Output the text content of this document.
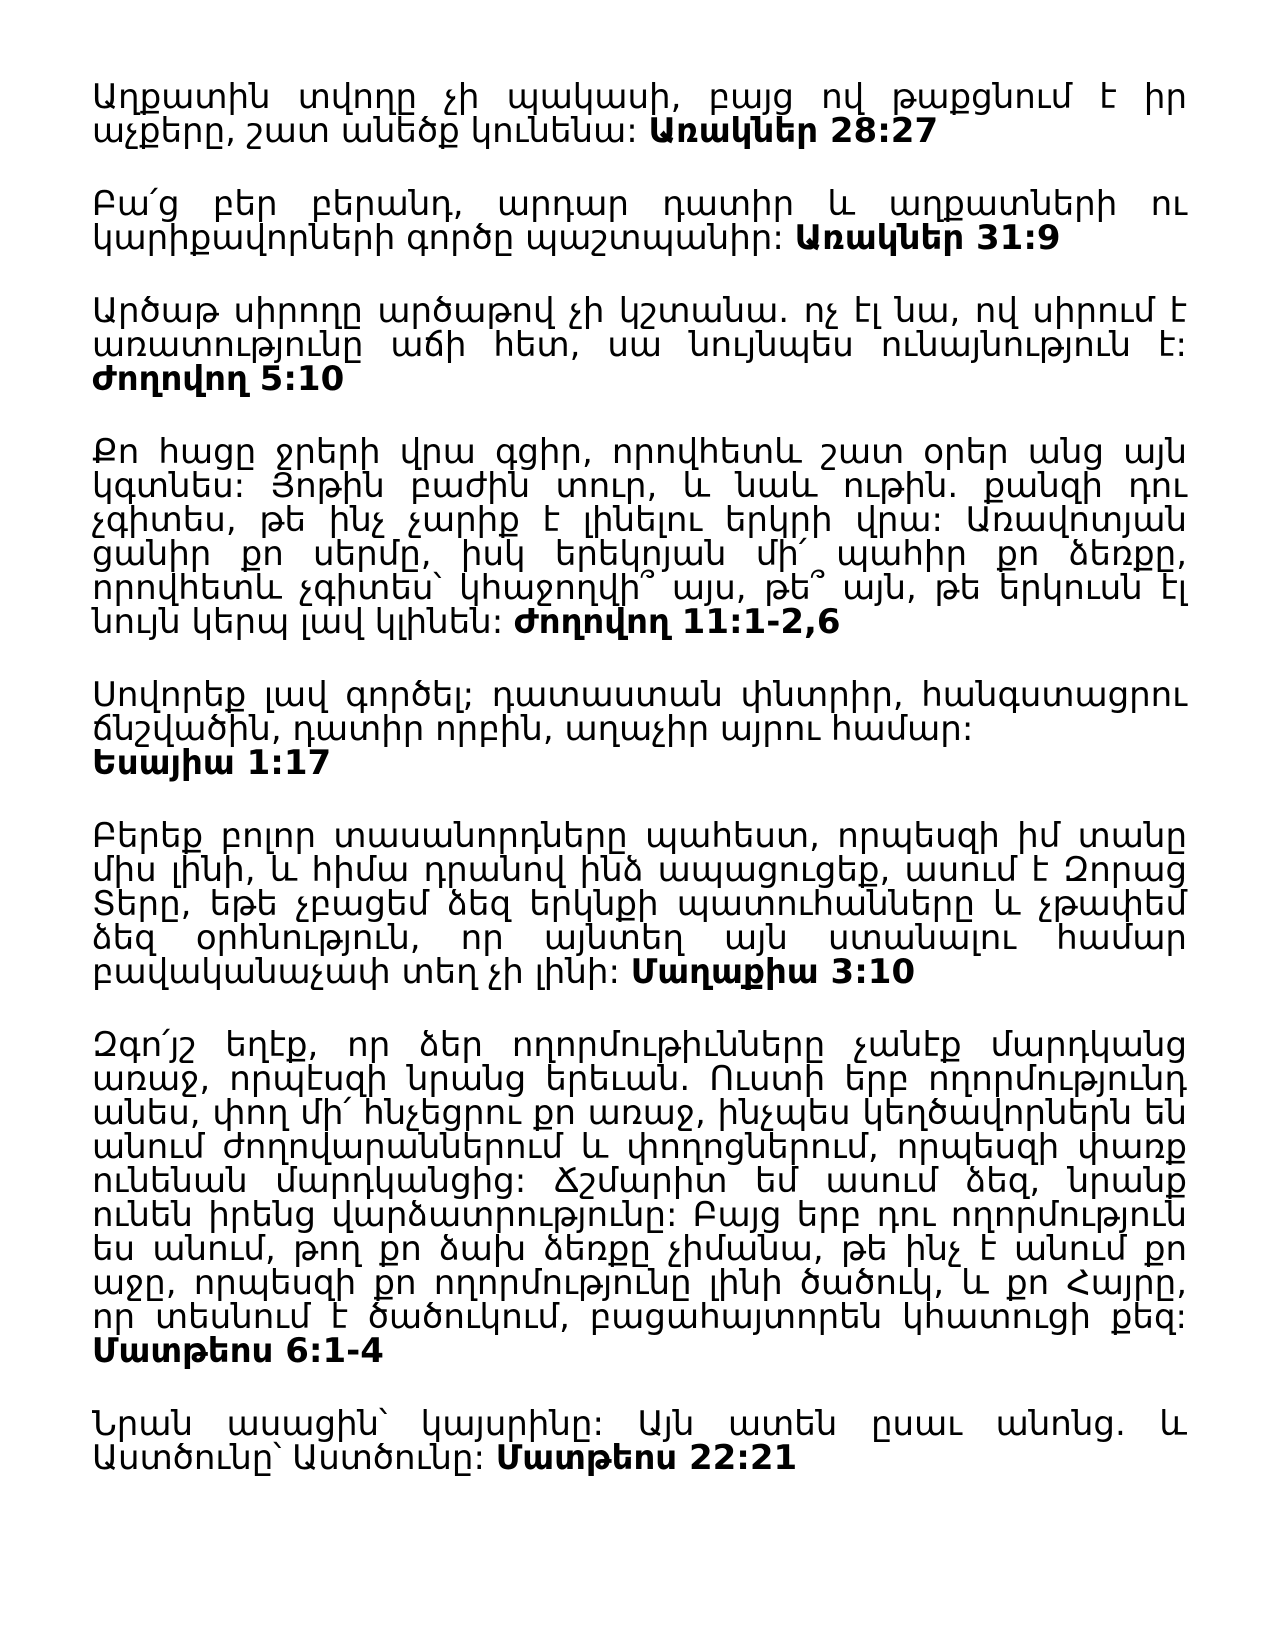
Աղքատին տվողը չի պակասի, բայց ով թաքցնում է իր աչքերը, շատ անեծք կունենա: Առակներ 28:27

Բա՛ց բեր բերանդ, արդար դատիր և աղքատների ու կարիքավորների գործը պաշտպանիր: Առակներ 31:9

Արծաթ սիրողը արծաթով չի կշտանա. ոչ էլ նա, ով սիրում է առատությունը աճի հետ, սա նույնպես ունայնություն է: Ժողովող 5:10

Քո հացը ջրերի վրա գցիր, որովհետև շատ օրեր անց այն կգտնես: Յոթին բաժին տուր, և նաև ութին. քանզի դու չգիտես, թե ինչ չարիք է լինելու երկրի վրա: Առավոտյան ցանիր քո սերմը, իսկ երեկոյան մի՛ պահիր քո ձեռքը, որովհետև չգիտես՝ կհաջողվի՞ այս, թե՞ այն, թե երկուսն էլ նույն կերպ լավ կլինեն: Ժողովող 11:1-2,6

Սովորեք լավ գործել; դատաստան փնտրիր, հանգստացրու ճնշվածին, դատիր որբին, աղաչիր այրու համար:
Եսայիա 1:17

Բերեք բոլոր տասանորդները պահեստ, որպեսզի իմ տանը միս լինի, և հիմա դրանով ինձ ապացուցեք, ասում է Զորաց Տերը, եթե չբացեմ ձեզ երկնքի պատուհանները և չթափեմ ձեզ օրհնություն, որ այնտեղ այն ստանալու համար բավականաչափ տեղ չի լինի: Մաղաքիա 3:10

Զգո՛յշ եղէք, որ ձեր ողորմութիւնները չանէք մարդկանց առաջ, որպէսզի նրանց երեւան. Ուստի երբ ողորմությունդ անես, փող մի՛ հնչեցրու քո առաջ, ինչպես կեղծավորներն են անում ժողովարաններում և փողոցներում, որպեսզի փառք ունենան մարդկանցից: Ճշմարիտ եմ ասում ձեզ, նրանք ունեն իրենց վարձատրությունը: Բայց երբ դու ողորմություն ես անում, թող քո ձախ ձեռքը չիմանա, թե ինչ է անում քո աջը, որպեսզի քո ողորմությունը լինի ծածուկ, և քո Հայրը, որ տեսնում է ծածուկում, բացահայտորեն կհատուցի քեզ: Մատթեոս 6:1-4

Նրան ասացին՝ կայսրինը: Այն ատեն ըսաւ անոնց. և Աստծունը՝ Աստծունը: Մատթեոս 22:21
